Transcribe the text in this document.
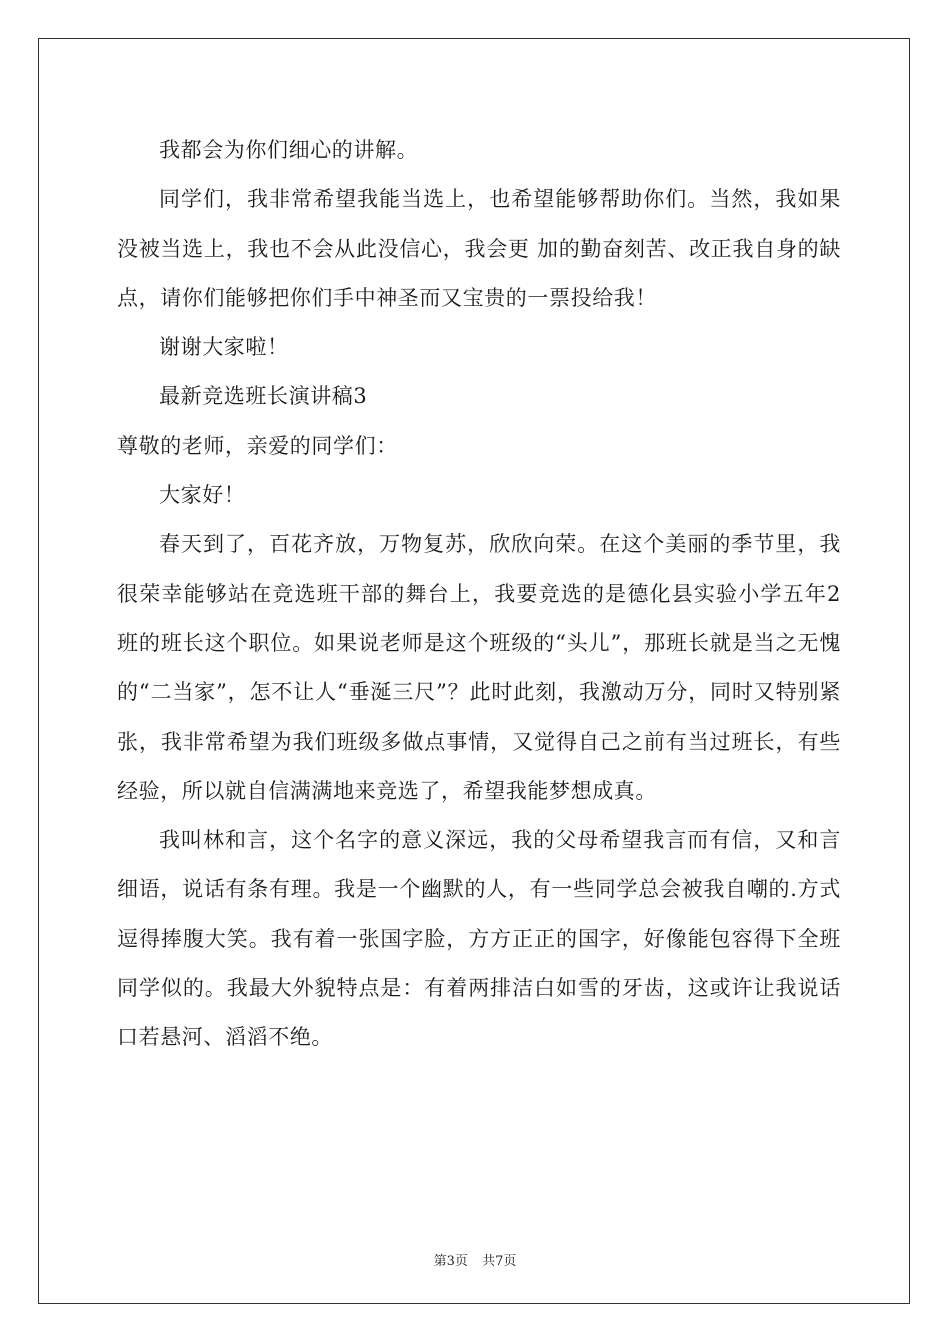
我都会为你们细心的讲解。

同学们，我非常希望我能当选上，也希望能够帮助你们。当然，我如果没被当选上，我也不会从此没信心，我会更 加的勤奋刻苦、改正我自身的缺点，请你们能够把你们手中神圣而又宝贵的一票投给我！

谢谢大家啦！

最新竞选班长演讲稿3

尊敬的老师，亲爱的同学们：

大家好！

春天到了，百花齐放，万物复苏，欣欣向荣。在这个美丽的季节里，我很荣幸能够站在竞选班干部的舞台上，我要竞选的是德化县实验小学五年2班的班长这个职位。如果说老师是这个班级的“头儿”，那班长就是当之无愧的“二当家”，怎不让人“垂涎三尺”？此时此刻，我激动万分，同时又特别紧张，我非常希望为我们班级多做点事情，又觉得自己之前有当过班长，有些经验，所以就自信满满地来竞选了，希望我能梦想成真。

我叫林和言，这个名字的意义深远，我的父母希望我言而有信，又和言细语，说话有条有理。我是一个幽默的人，有一些同学总会被我自嘲的.方式逗得捧腹大笑。我有着一张国字脸，方方正正的国字，好像能包容得下全班同学似的。我最大外貌特点是：有着两排洁白如雪的牙齿，这或许让我说话口若悬河、滔滔不绝。

第3页 共7页
